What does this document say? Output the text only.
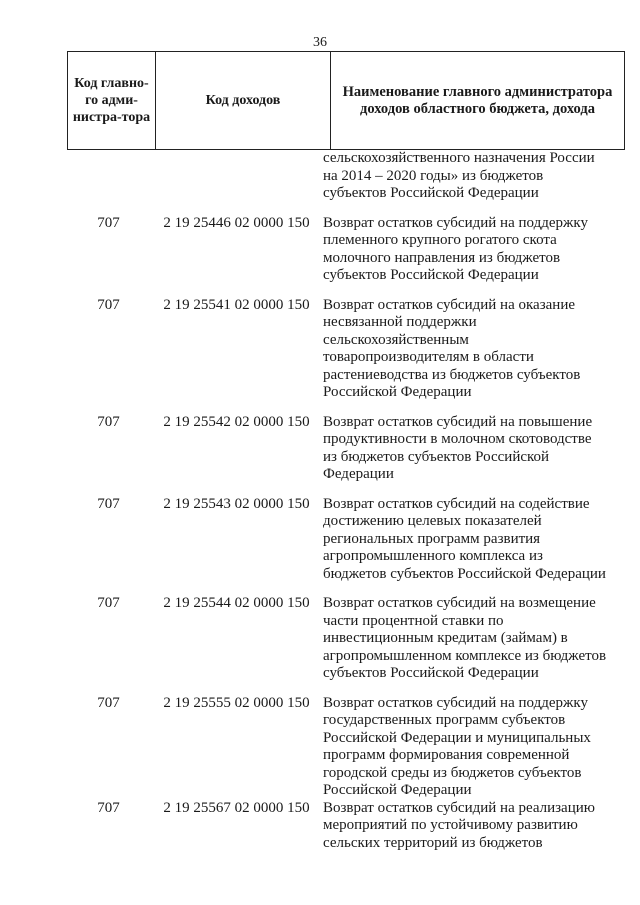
36
Код главно-го адми-нистра-тора	Код доходов	Наименование главного администратора доходов областного бюджета, дохода
сельскохозяйственного назначения России на 2014 – 2020 годы» из бюджетов субъектов Российской Федерации
707	2 19 25446 02 0000 150 Возврат остатков субсидий на поддержку племенного крупного рогатого скота молочного направления из бюджетов субъектов Российской Федерации
707	2 19 25541 02 0000 150 Возврат остатков субсидий на оказание несвязанной поддержки сельскохозяйственным товаропроизводителям в области растениеводства из бюджетов субъектов Российской Федерации
707	2 19 25542 02 0000 150 Возврат остатков субсидий на повышение продуктивности в молочном скотоводстве из бюджетов субъектов Российской Федерации
707	2 19 25543 02 0000 150 Возврат остатков субсидий на содействие достижению целевых показателей региональных программ развития агропромышленного комплекса из бюджетов субъектов Российской Федерации
707	2 19 25544 02 0000 150 Возврат остатков субсидий на возмещение части процентной ставки по инвестиционным кредитам (займам) в агропромышленном комплексе из бюджетов субъектов Российской Федерации
707	2 19 25555 02 0000 150 Возврат остатков субсидий на поддержку государственных программ субъектов Российской Федерации и муниципальных программ формирования современной городской среды из бюджетов субъектов Российской Федерации
707	2 19 25567 02 0000 150 Возврат остатков субсидий на реализацию мероприятий по устойчивому развитию сельских территорий из бюджетов
